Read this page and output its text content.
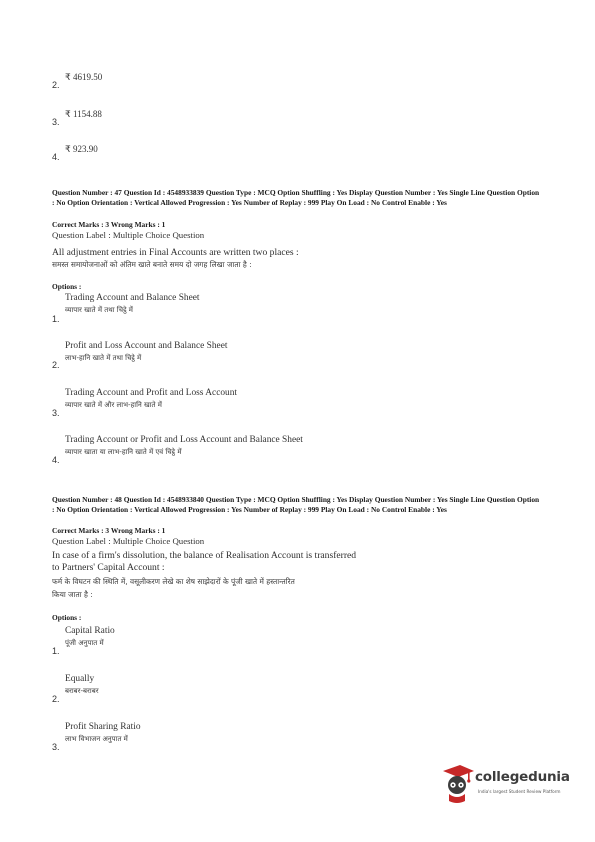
2.
₹ 4619.50
3.
₹ 1154.88
4.
₹ 923.90
Question Number : 47 Question Id : 4548933839 Question Type : MCQ Option Shuffling : Yes Display Question Number : Yes Single Line Question Option : No Option Orientation : Vertical Allowed Progression : Yes Number of Replay : 999 Play On Load : No Control Enable : Yes
Correct Marks : 3 Wrong Marks : 1
Question Label : Multiple Choice Question
All adjustment entries in Final Accounts are written two places :
समस्त समायोजनाओं को अंतिम खाते बनाते समय दो जगह लिखा जाता है :
Options :
Trading Account and Balance Sheet
व्यापार खाते में तथा चिट्ठे में
1.
Profit and Loss Account and Balance Sheet
लाभ-हानि खाते में तथा चिट्ठे में
2.
Trading Account and Profit and Loss Account
व्यापार खाते में और लाभ-हानि खाते में
3.
Trading Account or Profit and Loss Account and Balance Sheet
व्यापार खाता या लाभ-हानि खाते में एवं चिट्ठे में
4.
Question Number : 48 Question Id : 4548933840 Question Type : MCQ Option Shuffling : Yes Display Question Number : Yes Single Line Question Option : No Option Orientation : Vertical Allowed Progression : Yes Number of Replay : 999 Play On Load : No Control Enable : Yes
Correct Marks : 3 Wrong Marks : 1
Question Label : Multiple Choice Question
In case of a firm's dissolution, the balance of Realisation Account is transferred
to Partners' Capital Account :
फर्म के विघटन की स्थिति में, वसूलीकरण लेखे का शेष साझेदारों के पूंजी खाते में हस्तान्तरित
किया जाता है :
Options :
Capital Ratio
पूंजी अनुपात में
1.
Equally
बराबर-बराबर
2.
Profit Sharing Ratio
लाभ विभाजन अनुपात में
3.
collegedunia
India's largest Student Review Platform
